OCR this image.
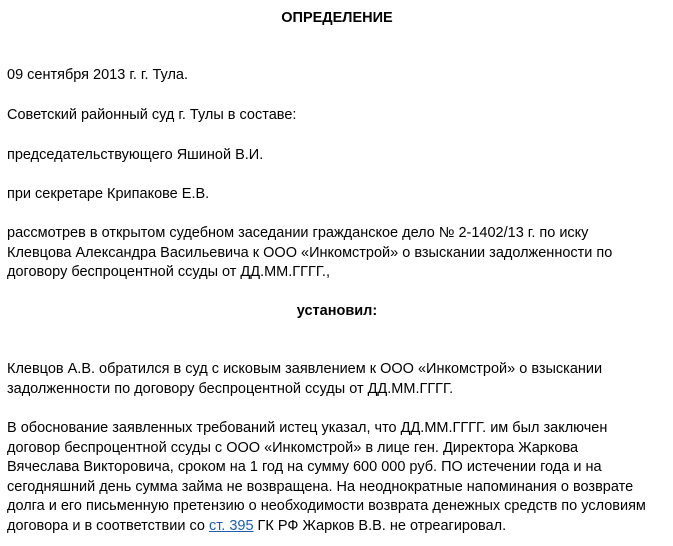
ОПРЕДЕЛЕНИЕ

09 сентября 2013 г. г. Тула.

Советский районный суд г. Тулы в составе:

председательствующего Яшиной В.И.

при секретаре Крипакове Е.В.

рассмотрев в открытом судебном заседании гражданское дело № 2-1402/13 г. по иску
Клевцова Александра Васильевича к ООО «Инкомстрой» о взыскании задолженности по
договору беспроцентной ссуды от ДД.ММ.ГГГГ.,

установил:

Клевцов А.В. обратился в суд с исковым заявлением к ООО «Инкомстрой» о взыскании
задолженности по договору беспроцентной ссуды от ДД.ММ.ГГГГ.
В обоснование заявленных требований истец указал, что ДД.ММ.ГГГГ. им был заключен
договор беспроцентной ссуды с ООО «Инкомстрой» в лице ген. Директора Жаркова
Вячеслава Викторовича, сроком на 1 год на сумму 600 000 руб. ПО истечении года и на
сегодняшний день сумма займа не возвращена. На неоднократные напоминания о возврате
долга и его письменную претензию о необходимости возврата денежных средств по условиям
договора и в соответствии со ст. 395 ГК РФ Жарков В.В. не отреагировал.
